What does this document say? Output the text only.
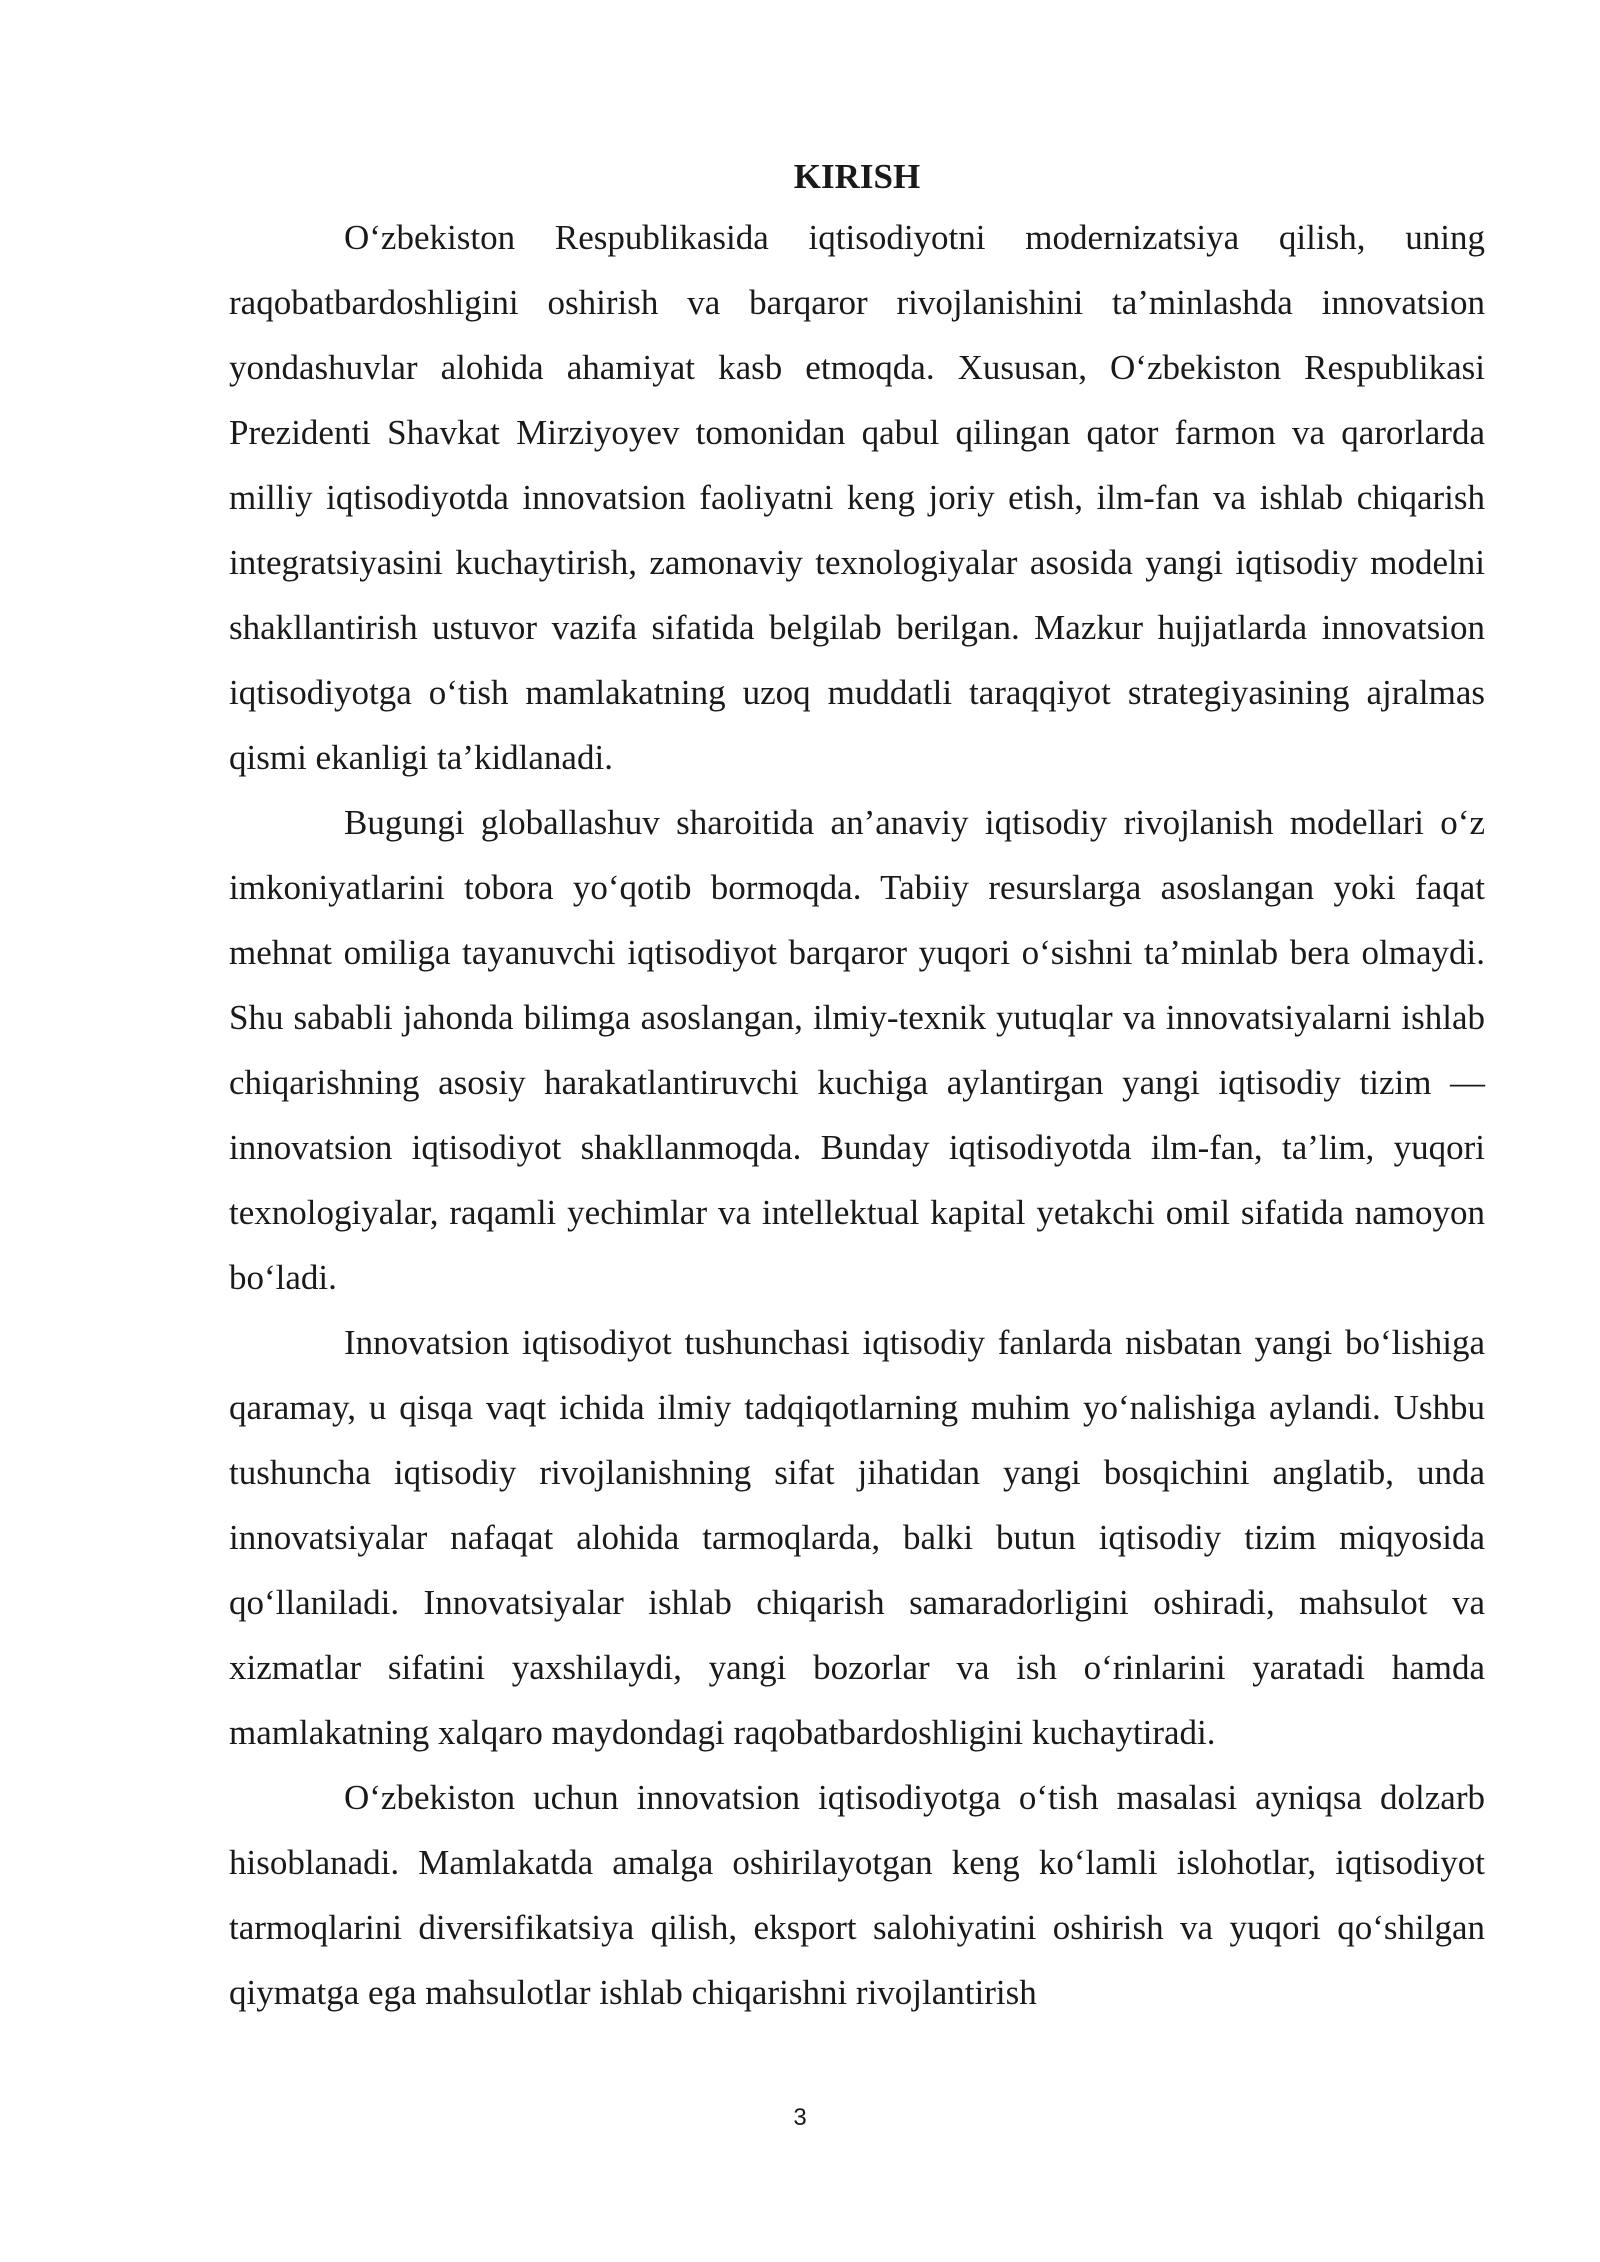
KIRISH

O‘zbekiston Respublikasida iqtisodiyotni modernizatsiya qilish, uning raqobatbardoshligini oshirish va barqaror rivojlanishini ta’minlashda innovatsion yondashuvlar alohida ahamiyat kasb etmoqda. Xususan, O‘zbekiston Respublikasi Prezidenti Shavkat Mirziyoyev tomonidan qabul qilingan qator farmon va qarorlarda milliy iqtisodiyotda innovatsion faoliyatni keng joriy etish, ilm-fan va ishlab chiqarish integratsiyasini kuchaytirish, zamonaviy texnologiyalar asosida yangi iqtisodiy modelni shakllantirish ustuvor vazifa sifatida belgilab berilgan. Mazkur hujjatlarda innovatsion iqtisodiyotga o‘tish mamlakatning uzoq muddatli taraqqiyot strategiyasining ajralmas qismi ekanligi ta’kidlanadi.

Bugungi globallashuv sharoitida an’anaviy iqtisodiy rivojlanish modellari o‘z imkoniyatlarini tobora yo‘qotib bormoqda. Tabiiy resurslarga asoslangan yoki faqat mehnat omiliga tayanuvchi iqtisodiyot barqaror yuqori o‘sishni ta’minlab bera olmaydi. Shu sababli jahonda bilimga asoslangan, ilmiy-texnik yutuqlar va innovatsiyalarni ishlab chiqarishning asosiy harakatlantiruvchi kuchiga aylantirgan yangi iqtisodiy tizim — innovatsion iqtisodiyot shakllanmoqda. Bunday iqtisodiyotda ilm-fan, ta’lim, yuqori texnologiyalar, raqamli yechimlar va intellektual kapital yetakchi omil sifatida namoyon bo‘ladi.

Innovatsion iqtisodiyot tushunchasi iqtisodiy fanlarda nisbatan yangi bo‘lishiga qaramay, u qisqa vaqt ichida ilmiy tadqiqotlarning muhim yo‘nalishiga aylandi. Ushbu tushuncha iqtisodiy rivojlanishning sifat jihatidan yangi bosqichini anglatib, unda innovatsiyalar nafaqat alohida tarmoqlarda, balki butun iqtisodiy tizim miqyosida qo‘llaniladi. Innovatsiyalar ishlab chiqarish samaradorligini oshiradi, mahsulot va xizmatlar sifatini yaxshilaydi, yangi bozorlar va ish o‘rinlarini yaratadi hamda mamlakatning xalqaro maydondagi raqobatbardoshligini kuchaytiradi.

O‘zbekiston uchun innovatsion iqtisodiyotga o‘tish masalasi ayniqsa dolzarb hisoblanadi. Mamlakatda amalga oshirilayotgan keng ko‘lamli islohotlar, iqtisodiyot tarmoqlarini diversifikatsiya qilish, eksport salohiyatini oshirish va yuqori qo‘shilgan qiymatga ega mahsulotlar ishlab chiqarishni rivojlantirish

3
